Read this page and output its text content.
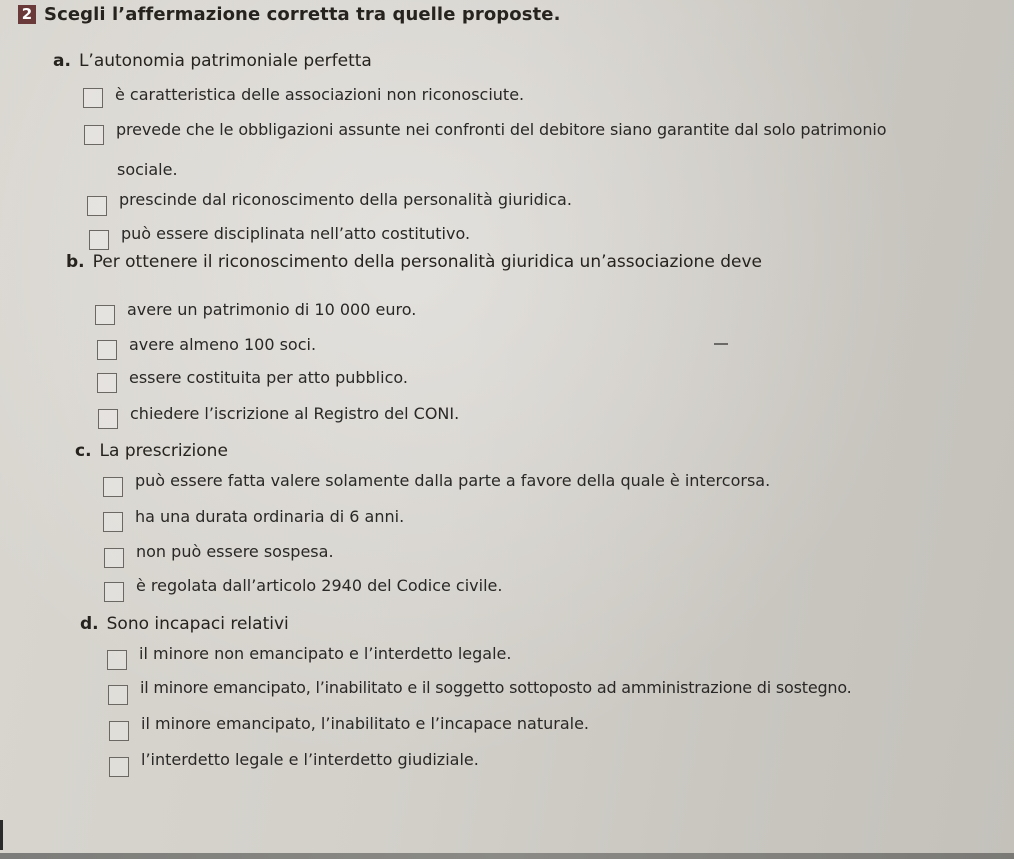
2 Scegli l’affermazione corretta tra quelle proposte.
a. L’autonomia patrimoniale perfetta
è caratteristica delle associazioni non riconosciute.
prevede che le obbligazioni assunte nei confronti del debitore siano garantite dal solo patrimonio
sociale.
prescinde dal riconoscimento della personalità giuridica.
può essere disciplinata nell’atto costitutivo.
b. Per ottenere il riconoscimento della personalità giuridica un’associazione deve
avere un patrimonio di 10 000 euro.
avere almeno 100 soci.
essere costituita per atto pubblico.
chiedere l’iscrizione al Registro del CONI.
c. La prescrizione
può essere fatta valere solamente dalla parte a favore della quale è intercorsa.
ha una durata ordinaria di 6 anni.
non può essere sospesa.
è regolata dall’articolo 2940 del Codice civile.
d. Sono incapaci relativi
il minore non emancipato e l’interdetto legale.
il minore emancipato, l’inabilitato e il soggetto sottoposto ad amministrazione di sostegno.
il minore emancipato, l’inabilitato e l’incapace naturale.
l’interdetto legale e l’interdetto giudiziale.
